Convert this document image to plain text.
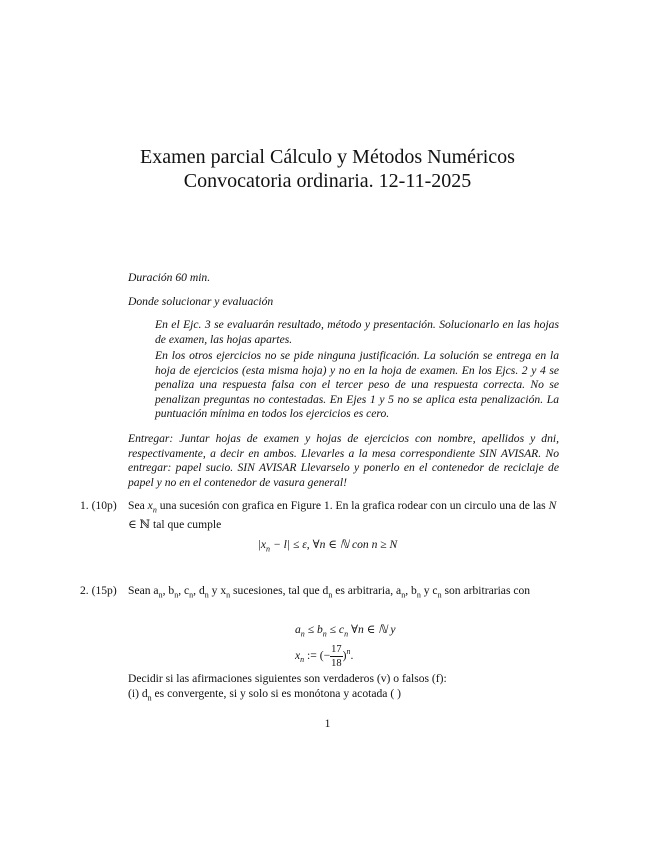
Examen parcial Cálculo y Métodos Numéricos
Convocatoria ordinaria. 12-11-2025
Duración 60 min.
Donde solucionar y evaluación
En el Ejc. 3 se evaluarán resultado, método y presentación. Solucionarlo en las hojas de examen, las hojas apartes.
En los otros ejercicios no se pide ninguna justificación. La solución se entrega en la hoja de ejercicios (esta misma hoja) y no en la hoja de examen. En los Ejcs. 2 y 4 se penaliza una respuesta falsa con el tercer peso de una respuesta correcta. No se penalizan preguntas no contestadas. En Ejes 1 y 5 no se aplica esta penalización. La puntuación mínima en todos los ejercicios es cero.
Entregar: Juntar hojas de examen y hojas de ejercicios con nombre, apellidos y dni, respectivamente, a decir en ambos. Llevarles a la mesa correspondiente SIN AVISAR. No entregar: papel sucio. SIN AVISAR Llevarselo y ponerlo en el contenedor de reciclaje de papel y no en el contenedor de vasura general!
1. (10p) Sea $x_n$ una sucesión con grafica en Figure 1. En la grafica rodear con un circulo una de las N ∈ ℕ tal que cumple
$|x_n - l| \le \varepsilon$, ∀n ∈ ℕ con n ≥ N
2. (15p) Sean $a_n$, $b_n$, $c_n$, $d_n$ y $x_n$ sucesiones, tal que $d_n$ es arbitraria, $a_n$, $b_n$ y $c_n$ son arbitrarias con
$a_n \le b_n \le c_n$ ∀n ∈ ℕ y
$x_n$ := (− $\frac{17}{18} )^n$.
Decidir si las afirmaciones siguientes son verdaderos (v) o falsos (f):
(i) $d_n$ es convergente, si y solo si es monótona y acotada ( )
1
